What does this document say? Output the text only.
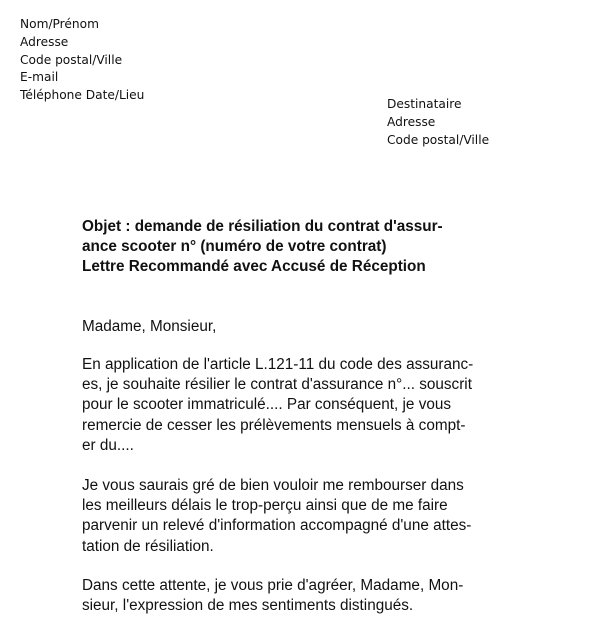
Nom/Prénom
Adresse
Code postal/Ville
E-mail
Téléphone Date/Lieu
Destinataire
Adresse
Code postal/Ville
Objet : demande de résiliation du contrat d'assur-
ance scooter n° (numéro de votre contrat)
Lettre Recommandé avec Accusé de Réception
Madame, Monsieur,
En application de l'article L.121-11 du code des assuranc-
es, je souhaite résilier le contrat d'assurance n°... souscrit
pour le scooter immatriculé.... Par conséquent, je vous
remercie de cesser les prélèvements mensuels à compt-
er du....
Je vous saurais gré de bien vouloir me rembourser dans
les meilleurs délais le trop-perçu ainsi que de me faire
parvenir un relevé d'information accompagné d'une attes-
tation de résiliation.
Dans cette attente, je vous prie d'agréer, Madame, Mon-
sieur, l'expression de mes sentiments distingués.
